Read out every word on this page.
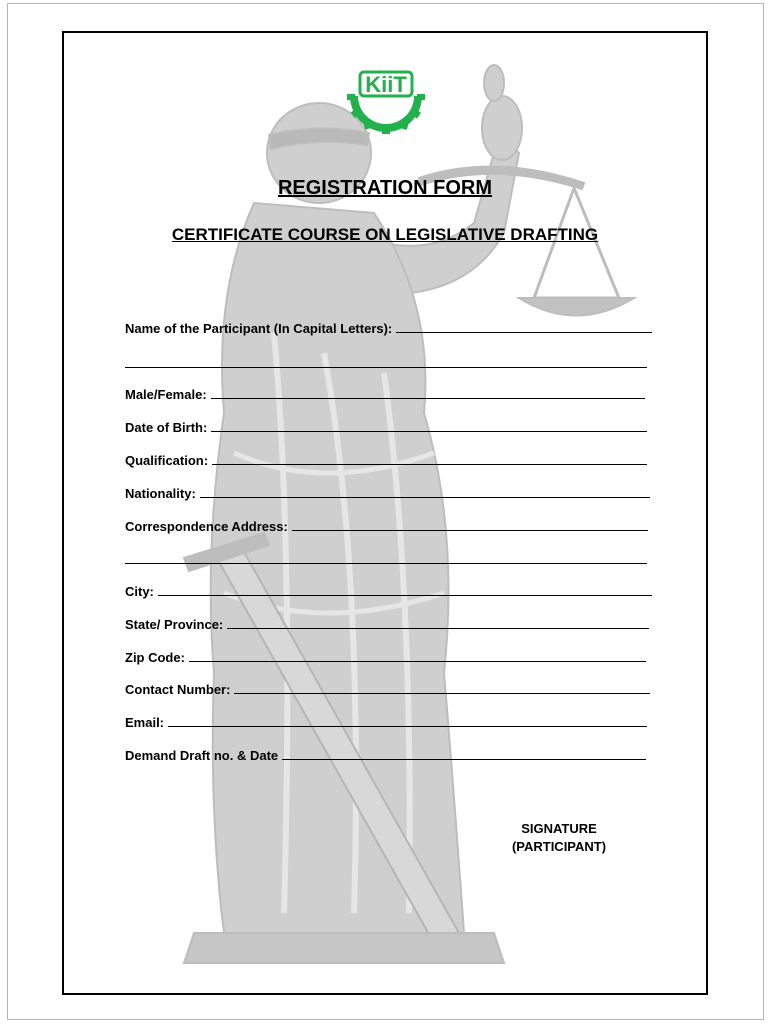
KiiT
REGISTRATION FORM
CERTIFICATE COURSE ON LEGISLATIVE DRAFTING
Name of the Participant (In Capital Letters):
Male/Female:
Date of Birth:
Qualification:
Nationality:
Correspondence Address:
City:
State/ Province:
Zip Code:
Contact Number:
Email:
Demand Draft no. & Date
SIGNATURE
(PARTICIPANT)
